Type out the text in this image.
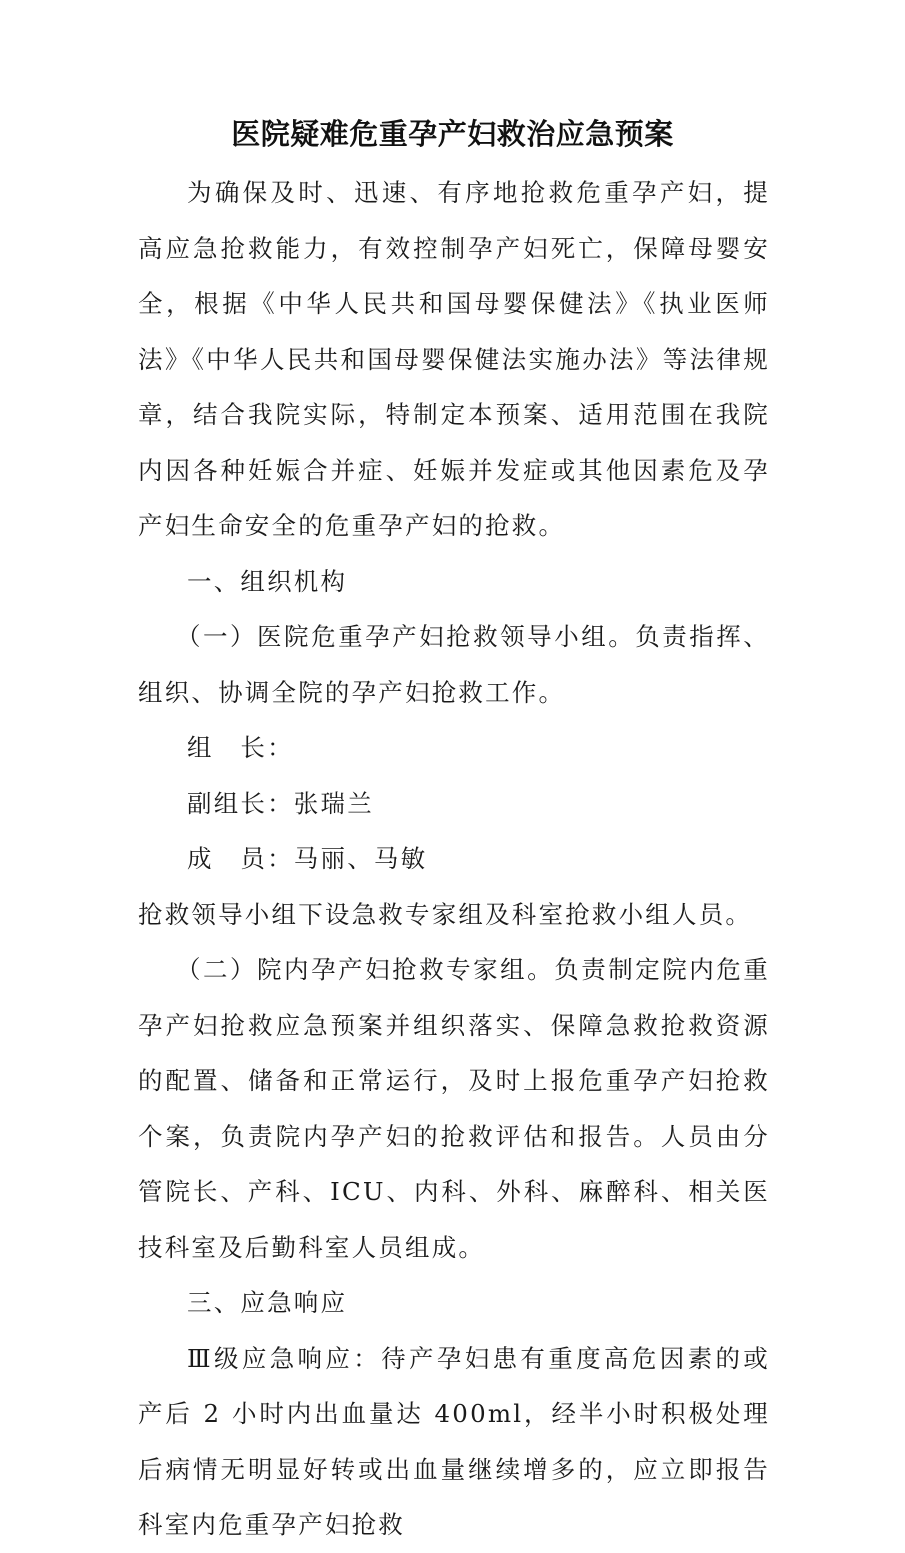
医院疑难危重孕产妇救治应急预案

为确保及时、迅速、有序地抢救危重孕产妇，提高应急抢救能力，有效控制孕产妇死亡，保障母婴安全，根据《中华人民共和国母婴保健法》《执业医师法》《中华人民共和国母婴保健法实施办法》等法律规章，结合我院实际，特制定本预案、适用范围在我院内因各种妊娠合并症、妊娠并发症或其他因素危及孕产妇生命安全的危重孕产妇的抢救。

一、组织机构

（一）医院危重孕产妇抢救领导小组。负责指挥、组织、协调全院的孕产妇抢救工作。

组　长：

副组长：张瑞兰

成　员：马丽、马敏

抢救领导小组下设急救专家组及科室抢救小组人员。

（二）院内孕产妇抢救专家组。负责制定院内危重孕产妇抢救应急预案并组织落实、保障急救抢救资源的配置、储备和正常运行，及时上报危重孕产妇抢救个案，负责院内孕产妇的抢救评估和报告。人员由分管院长、产科、ICU、内科、外科、麻醉科、相关医技科室及后勤科室人员组成。

三、应急响应

Ⅲ级应急响应：待产孕妇患有重度高危因素的或产后 2 小时内出血量达 400ml，经半小时积极处理后病情无明显好转或出血量继续增多的，应立即报告科室内危重孕产妇抢救
